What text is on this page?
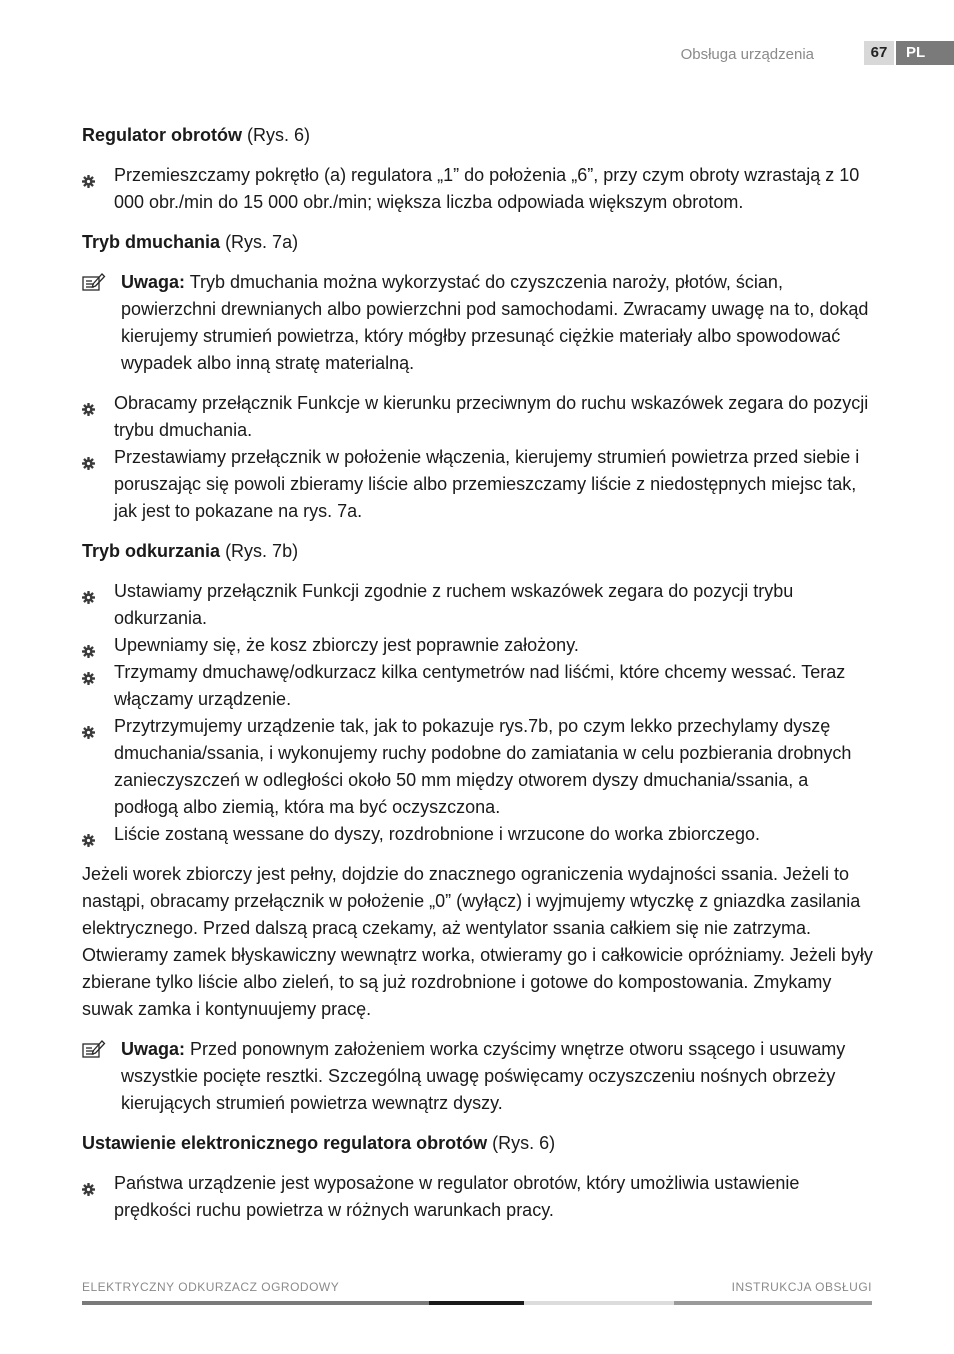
Obsługa urządzenia	67	PL
Regulator obrotów (Rys. 6)
Przemieszczamy pokrętło (a) regulatora „1” do położenia „6”, przy czym obroty wzrastają z 10 000 obr./min do 15 000 obr./min; większa liczba odpowiada większym obrotom.
Tryb dmuchania (Rys. 7a)
Uwaga: Tryb dmuchania można wykorzystać do czyszczenia naroży, płotów, ścian, powierzchni drewnianych albo powierzchni pod samochodami. Zwracamy uwagę na to, dokąd kierujemy strumień powietrza, który mógłby przesunąć ciężkie materiały albo spowodować wypadek albo inną stratę materialną.
Obracamy przełącznik Funkcje w kierunku przeciwnym do ruchu wskazówek zegara do pozycji trybu dmuchania.
Przestawiamy przełącznik w położenie włączenia, kierujemy strumień powietrza przed siebie i poruszając się powoli zbieramy liście albo przemieszczamy liście z niedostępnych miejsc tak, jak jest to pokazane na rys. 7a.
Tryb odkurzania (Rys. 7b)
Ustawiamy przełącznik Funkcji zgodnie z ruchem wskazówek zegara do pozycji trybu odkurzania.
Upewniamy się, że kosz zbiorczy jest poprawnie założony.
Trzymamy dmuchawę/odkurzacz kilka centymetrów nad liśćmi, które chcemy wessać. Teraz włączamy urządzenie.
Przytrzymujemy urządzenie tak, jak to pokazuje rys.7b, po czym lekko przechylamy dyszę dmuchania/ssania, i wykonujemy ruchy podobne do zamiatania w celu pozbierania drobnych zanieczyszczeń w odległości około 50 mm między otworem dyszy dmuchania/ssania, a podłogą albo ziemią, która ma być oczyszczona.
Liście zostaną wessane do dyszy, rozdrobnione i wrzucone do worka zbiorczego.

Jeżeli worek zbiorczy jest pełny, dojdzie do znacznego ograniczenia wydajności ssania. Jeżeli to nastąpi, obracamy przełącznik w położenie „0” (wyłącz) i wyjmujemy wtyczkę z gniazdka zasilania elektrycznego. Przed dalszą pracą czekamy, aż wentylator ssania całkiem się nie zatrzyma. Otwieramy zamek błyskawiczny wewnątrz worka, otwieramy go i całkowicie opróżniamy. Jeżeli były zbierane tylko liście albo zieleń, to są już rozdrobnione i gotowe do kompostowania. Zmykamy suwak zamka i kontynuujemy pracę.

Uwaga: Przed ponownym założeniem worka czyścimy wnętrze otworu ssącego i usuwamy wszystkie pocięte resztki. Szczególną uwagę poświęcamy oczyszczeniu nośnych obrzeży kierujących strumień powietrza wewnątrz dyszy.
Ustawienie elektronicznego regulatora obrotów (Rys. 6)
Państwa urządzenie jest wyposażone w regulator obrotów, który umożliwia ustawienie prędkości ruchu powietrza w różnych warunkach pracy.
ELEKTRYCZNY ODKURZACZ OGRODOWY	INSTRUKCJA OBSŁUGI
